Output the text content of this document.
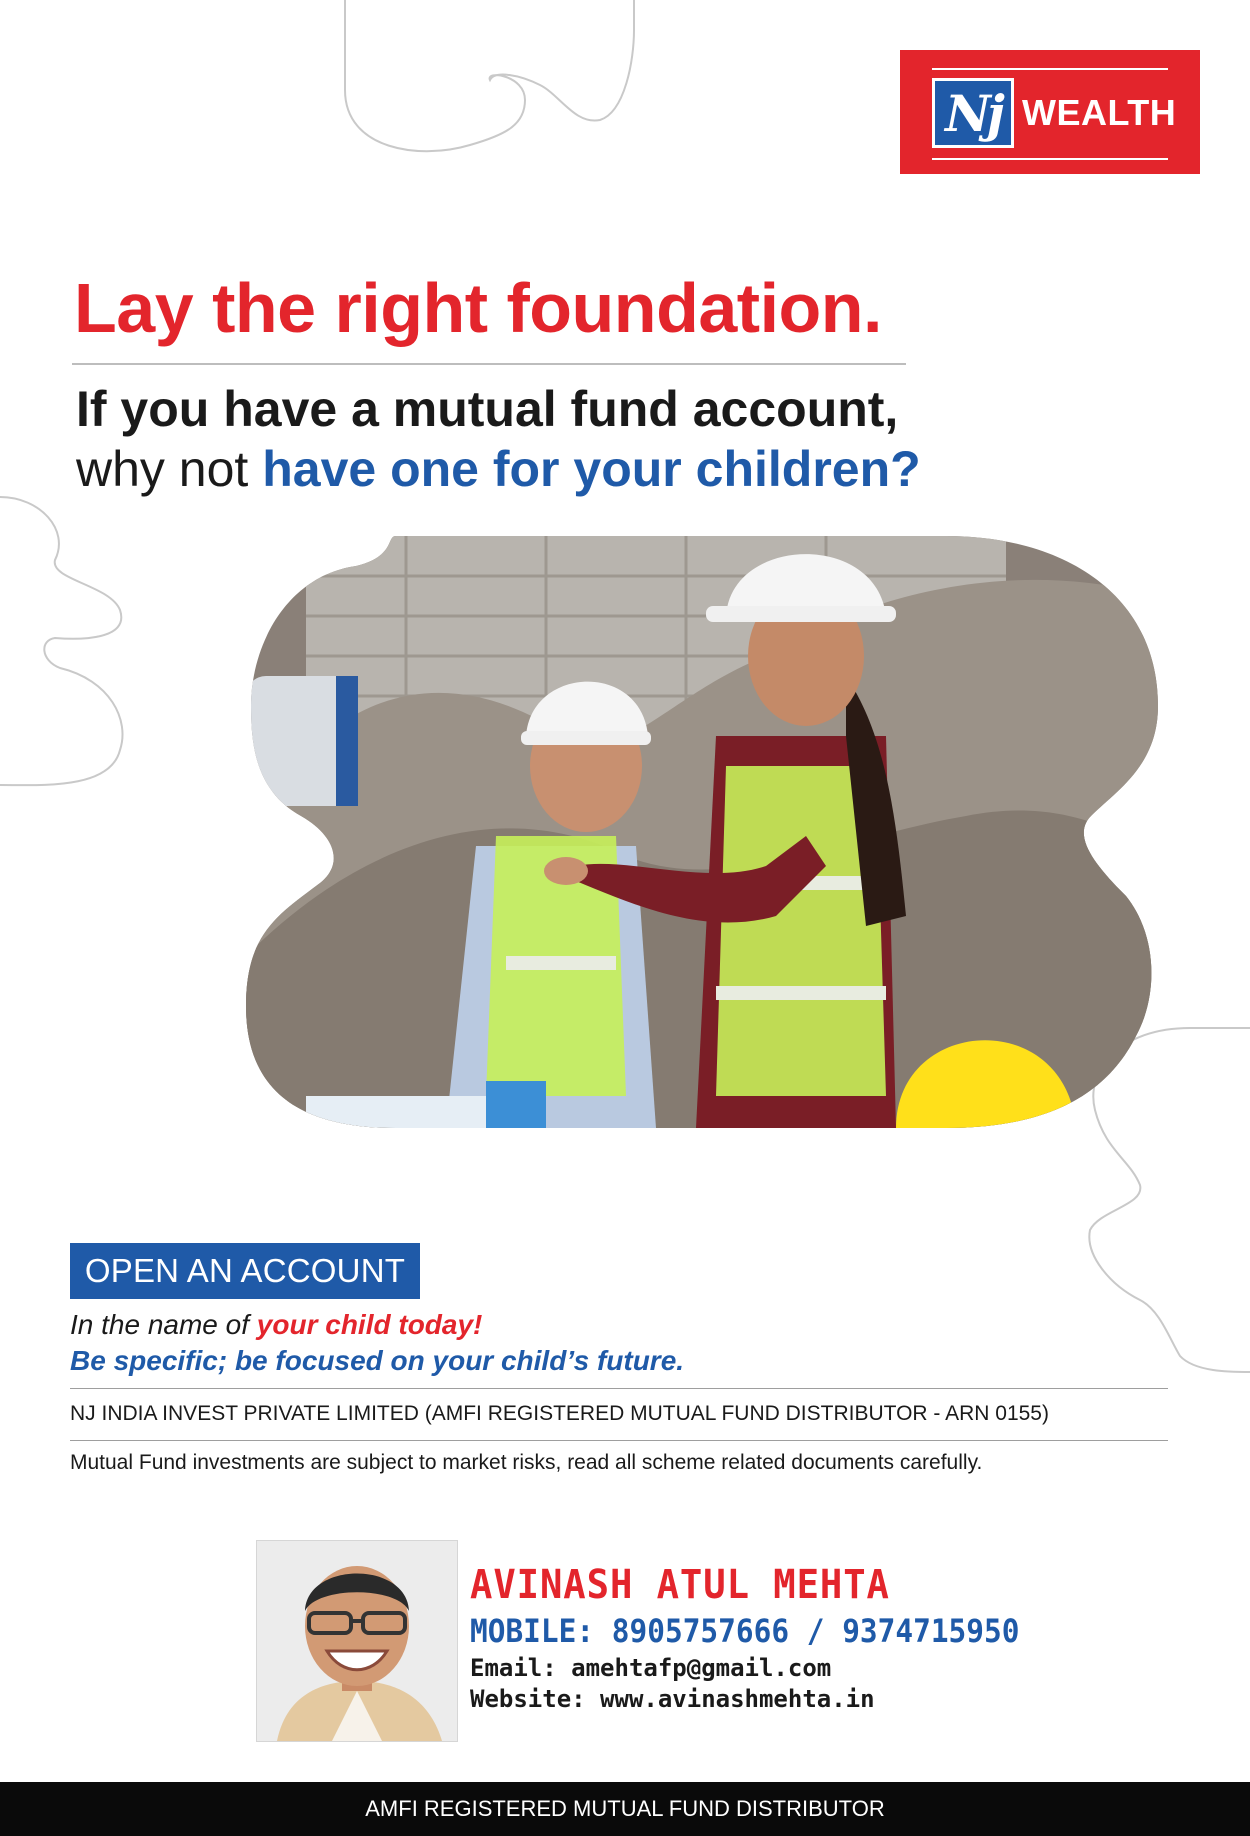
Nj WEALTH
Lay the right foundation.
If you have a mutual fund account,
why not have one for your children?
OPEN AN ACCOUNT
In the name of your child today!
Be specific; be focused on your child’s future.
NJ INDIA INVEST PRIVATE LIMITED (AMFI REGISTERED MUTUAL FUND DISTRIBUTOR - ARN 0155)
Mutual Fund investments are subject to market risks, read all scheme related documents carefully.
AVINASH ATUL MEHTA
MOBILE: 8905757666 / 9374715950
Email: amehtafp@gmail.com
Website: www.avinashmehta.in
AMFI REGISTERED MUTUAL FUND DISTRIBUTOR
